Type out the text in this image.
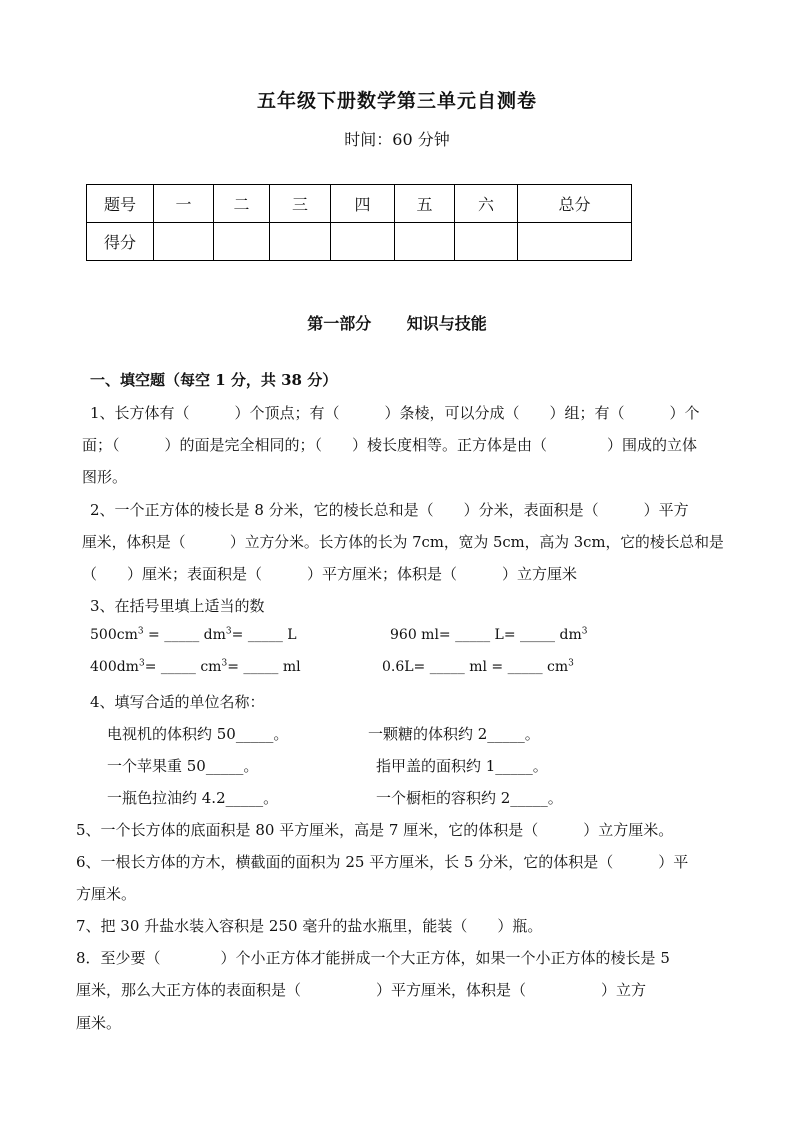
五年级下册数学第三单元自测卷
时间：60 分钟
题号	一	二	三	四	五	六	总分
得分							
第一部分 知识与技能
一、填空题（每空 1 分，共 38 分）
1、长方体有（　　　）个顶点；有（　　　）条棱，可以分成（　　）组；有（　　　）个
面；（　　　）的面是完全相同的；（　　）棱长度相等。正方体是由（　　　　）围成的立体
图形。
2、一个正方体的棱长是 8 分米，它的棱长总和是（　　）分米，表面积是（　　　）平方
厘米，体积是（　　　）立方分米。长方体的长为 7cm，宽为 5cm，高为 3cm，它的棱长总和是
（　　）厘米；表面积是（　　　）平方厘米；体积是（　　　）立方厘米
3、在括号里填上适当的数
$500cm^3$ = _____ $dm^3=$ _____ L	960 ml= _____ L= _____ $dm^3$
$400dm^3=$ _____ $cm^3=$ _____ ml	0.6L= _____ ml = _____ $cm^3$
4、填写合适的单位名称：
电视机的体积约 50_____。	一颗糖的体积约 2_____。
一个苹果重 50_____。	指甲盖的面积约 1_____。
一瓶色拉油约 4.2_____。	一个橱柜的容积约 2_____。
5、一个长方体的底面积是 80 平方厘米，高是 7 厘米，它的体积是（　　　）立方厘米。
6、一根长方体的方木，横截面的面积为 25 平方厘米，长 5 分米，它的体积是（　　　）平
方厘米。
7、把 30 升盐水装入容积是 250 毫升的盐水瓶里，能装（　　）瓶。
8．至少要（　　　　）个小正方体才能拼成一个大正方体，如果一个小正方体的棱长是 5
厘米，那么大正方体的表面积是（　　　　　）平方厘米，体积是（　　　　　）立方
厘米。
